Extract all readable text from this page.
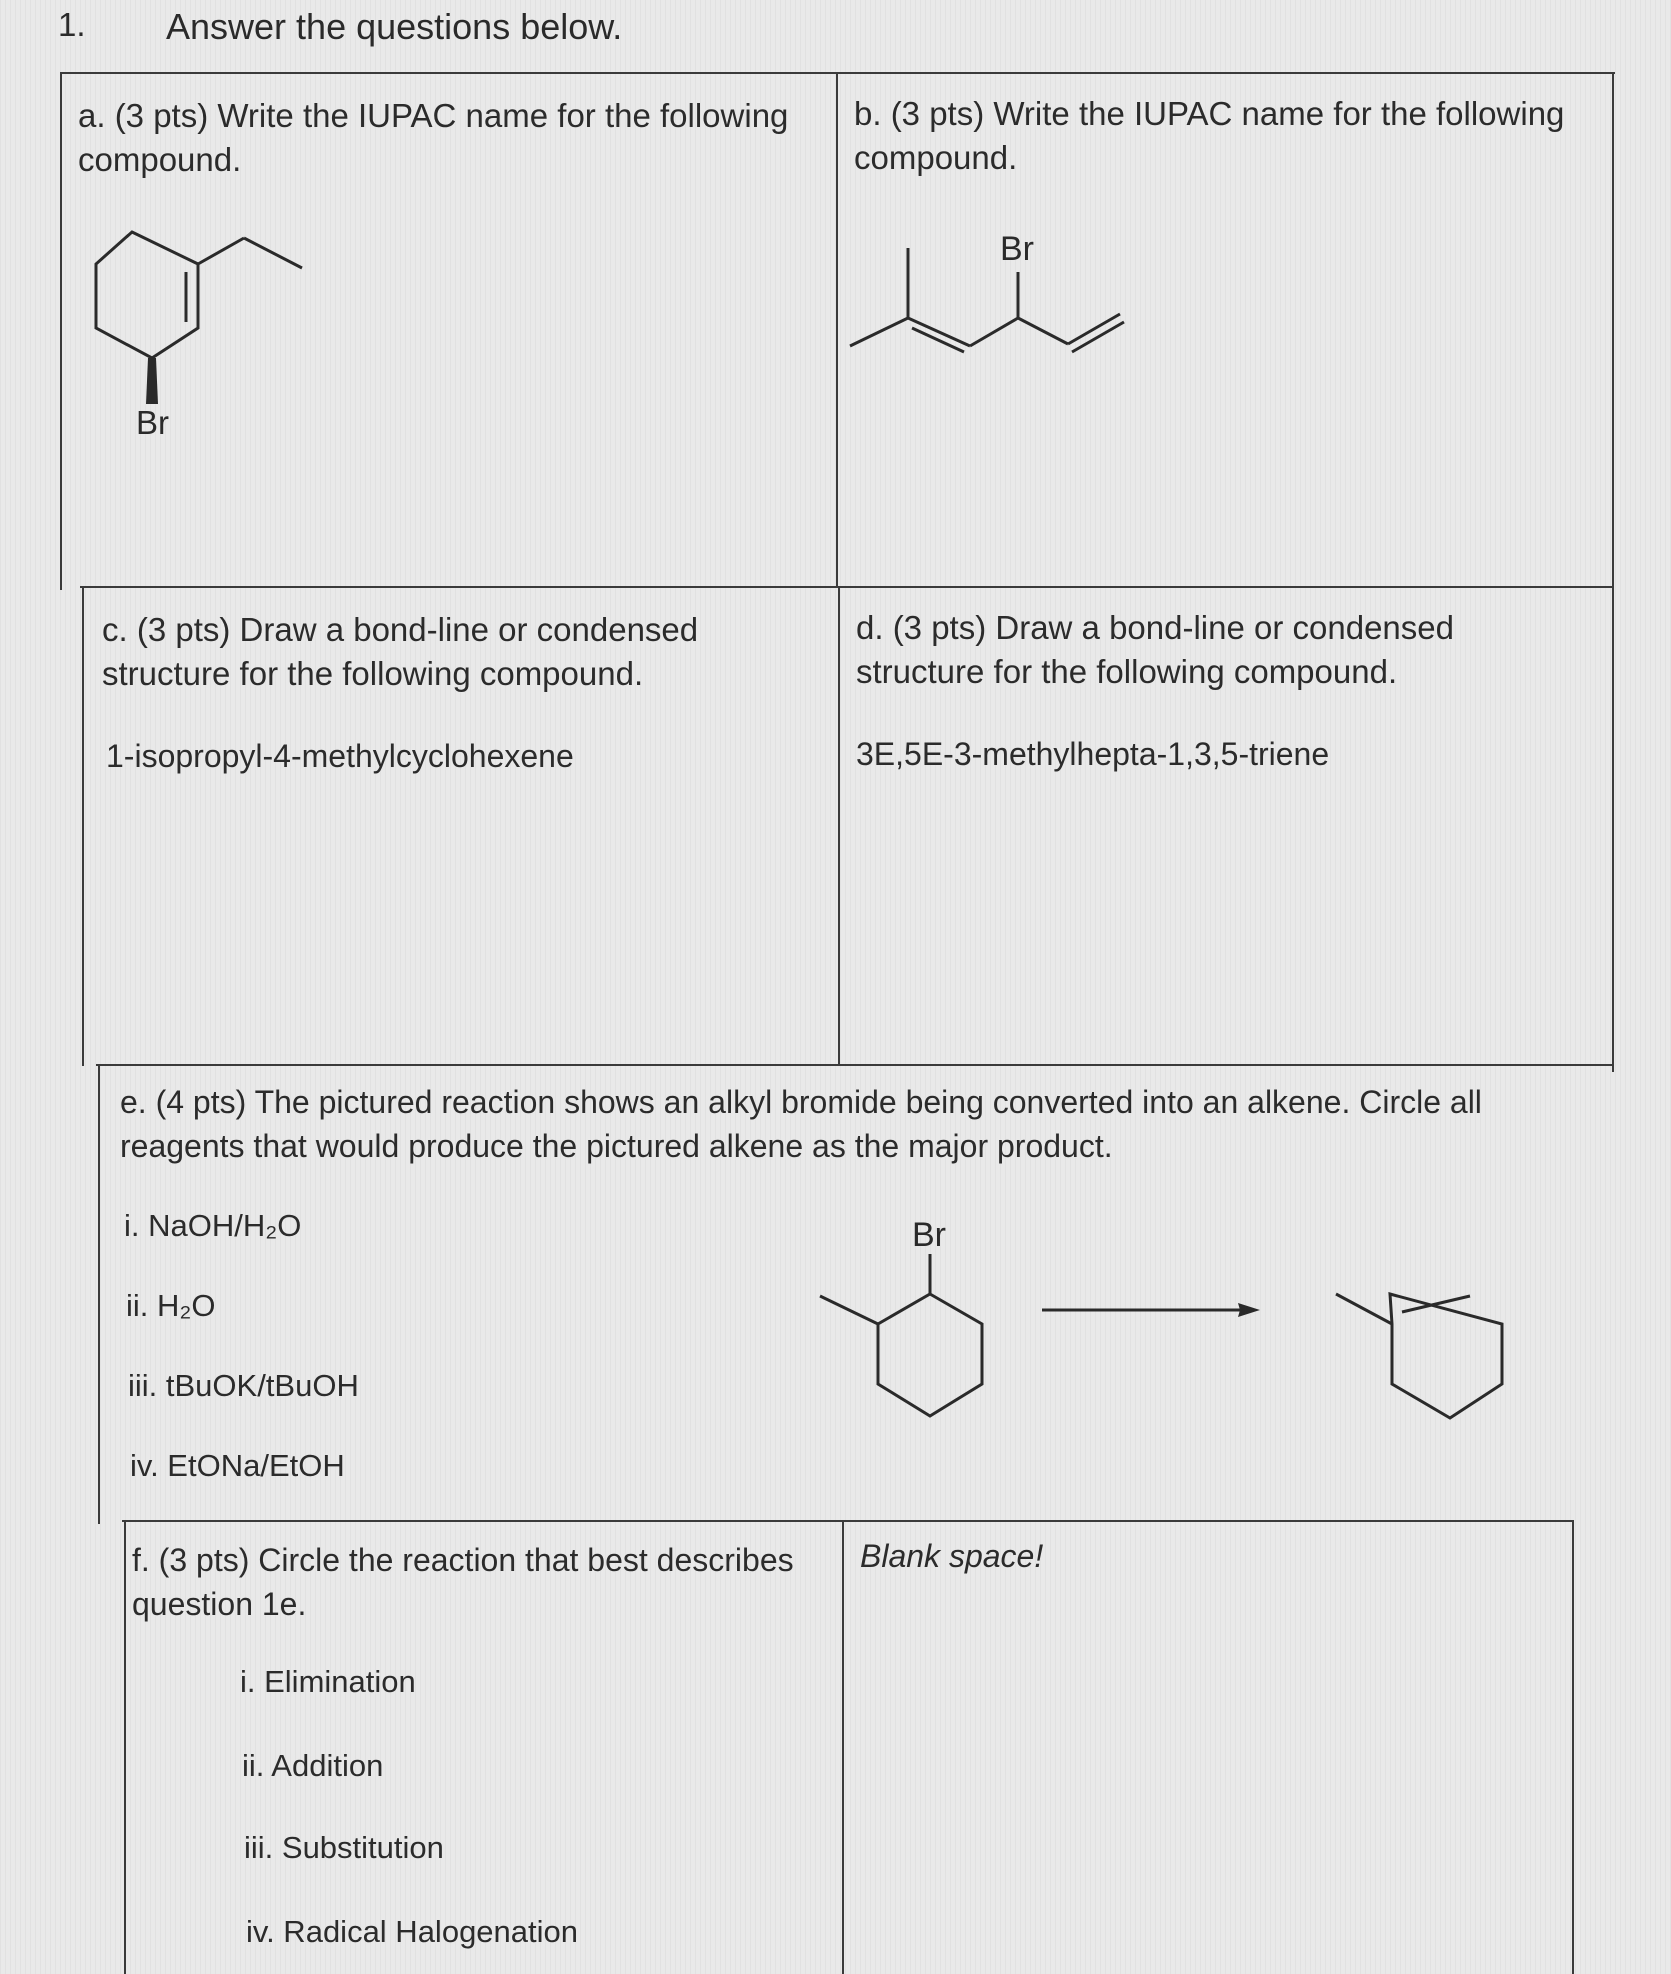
1. Answer the questions below.
a. (3 pts) Write the IUPAC name for the following
compound.
Br
b. (3 pts) Write the IUPAC name for the following
compound.
Br
c. (3 pts) Draw a bond-line or condensed
structure for the following compound.
1-isopropyl-4-methylcyclohexene
d. (3 pts) Draw a bond-line or condensed
structure for the following compound.
3E,5E-3-methylhepta-1,3,5-triene
e. (4 pts) The pictured reaction shows an alkyl bromide being converted into an alkene. Circle all
reagents that would produce the pictured alkene as the major product.
i. NaOH/H₂O
ii. H₂O
iii. tBuOK/tBuOH
iv. EtONa/EtOH
Br
f. (3 pts) Circle the reaction that best describes
question 1e.
i. Elimination
ii. Addition
iii. Substitution
iv. Radical Halogenation
Blank space!
